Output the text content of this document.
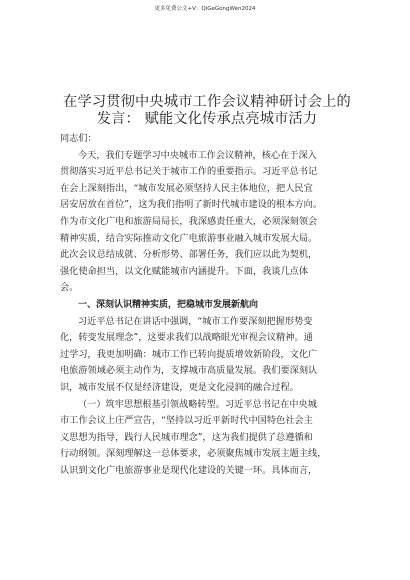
更多免费公文+V：QiGeGongWen2024
在学习贯彻中央城市工作会议精神研讨会上的
发言： 赋能文化传承点亮城市活力
同志们：
今天，我们专题学习中央城市工作会议精神，核心在于深入
贯彻落实习近平总书记关于城市工作的重要指示。习近平总书记
在会上深刻指出，“城市发展必须坚持人民主体地位，把人民宜
居安居放在首位”，这为我们指明了新时代城市建设的根本方向。
作为市文化广电和旅游局局长，我深感责任重大，必须深刻领会
精神实质，结合实际推动文化广电旅游事业融入城市发展大局。
此次会议总结成就、分析形势、部署任务，我们应以此为契机，
强化使命担当，以文化赋能城市内涵提升。下面，我谈几点体
会。
一、深刻认识精神实质，把稳城市发展新航向
习近平总书记在讲话中强调，“城市工作要深刻把握形势变
化，转变发展理念”，这要求我们以战略眼光审视会议精神。通
过学习，我更加明确：城市工作已转向提质增效新阶段，文化广
电旅游领域必须主动作为，支撑城市高质量发展。我们要深刻认
识，城市发展不仅是经济建设，更是文化浸润的融合过程。
（一）筑牢思想根基引领战略转型。习近平总书记在中央城
市工作会议上庄严宣告，“坚持以习近平新时代中国特色社会主
义思想为指导，践行人民城市理念”，这为我们提供了总遵循和
行动纲领。深刻理解这一总体要求，必须聚焦城市发展主题主线，
认识到文化广电旅游事业是现代化建设的关键一环。具体而言，
